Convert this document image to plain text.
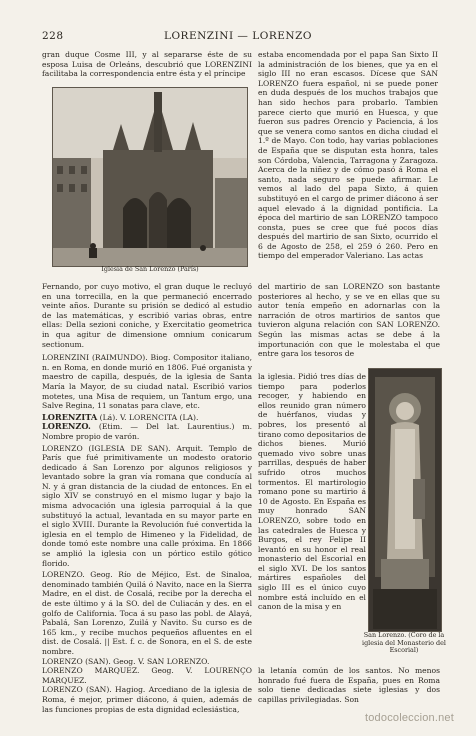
228	LORENZINI — LORENZO

gran duque Cosme III, y al separarse éste de su esposa Luisa de Orleáns, descubrió que LORENZINI facilitaba la correspondencia entre ésta y el príncipe

Iglesia de San Lorenzo (París)

Fernando, por cuyo motivo, el gran duque le recluyó en una torrecilla, en la que permaneció encerrado veinte años. Durante su prisión se dedicó al estudio de las matemáticas, y escribió varias obras, entre ellas: Della sezioni coniche, y Exercitatio geometrica in qua agitur de dimensione omnium conicarum sectionum.

LORENZINI (RAIMUNDO). Biog. Compositor italiano, n. en Roma, en donde murió en 1806. Fué organista y maestro de capilla, después, de la iglesia de Santa María la Mayor, de su ciudad natal. Escribió varios motetes, una Misa de requiem, un Tantum ergo, una Salve Regina, 11 sonatas para clave, etc.

LORENZITA (Lá). V. LORENCITA (LA).

LORENZO. (Etim. — Del lat. Laurentius.) m. Nombre propio de varón.

LORENZO (IGLESIA DE SAN). Arquit. Templo de París que fué primitivamente un modesto oratorio dedicado á San Lorenzo por algunos religiosos y levantado sobre la gran vía romana que conducía al N. y á gran distancia de la ciudad de entonces. En el siglo XIV se construyó en el mismo lugar y bajo la misma advocación una iglesia parroquial á la que substituyó la actual, levantada en su mayor parte en el siglo XVIII. Durante la Revolución fué convertida la iglesia en el templo de Himeneo y la Fidelidad, de donde tomó este nombre una calle próxima. En 1866 se amplió la iglesia con un pórtico estilo gótico florido.

LORENZO. Geog. Río de Méjico, Est. de Sinaloa, denominado también Quilá ó Navito, nace en la Sierra Madre, en el dist. de Cosalá, recibe por la derecha el de este último y á la SO. del de Culiacán y des. en el golfo de California. Toca á su paso las pobl. de Alayá, Pabalá, San Lorenzo, Zuilá y Navito. Su curso es de 165 km., y recibe muchos pequeños afluentes en el dist. de Cosalá. || Est. f. c. de Sonora, en el S. de este nombre.

LORENZO (SAN). Geog. V. SAN LORENZO.

LORENZO MARQUEZ. Geog. V. LOURENÇO MARQUEZ.

LORENZO (SAN). Hagiog. Arcediano de la iglesia de Roma, é mejor, primer diácono, á quien, además de las funciones propias de esta dignidad eclesiástica,

estaba encomendada por el papa San Sixto II la administración de los bienes, que ya en el siglo III no eran escasos. Dícese que SAN LORENZO fuera español, ni se puede poner en duda después de los muchos trabajos que han sido hechos para probarlo. Tambien parece cierto que murió en Huesca, y que fueron sus padres Orencio y Paciencia, á los que se venera como santos en dicha ciudad el 1.º de Mayo. Con todo, hay varias poblaciones de España que se disputan esta honra, tales son Córdoba, Valencia, Tarragona y Zaragoza. Acerca de la niñez y de cómo pasó á Roma el santo, nada seguro se puede afirmar. Le vemos al lado del papa Sixto, á quien substituyó en el cargo de primer diácono á ser aquel elevado á la dignidad pontificia. La época del martirio de san LORENZO tampoco consta, pues se cree que fué pocos días después del martirio de san Sixto, ocurrido el 6 de Agosto de 258, el 259 ó 260. Pero en tiempo del emperador Valeriano. Las actas

del martirio de san LORENZO son bastante posteriores al hecho, y se ve en ellas que su autor tenía empeño en adornarlas con la narración de otros martirios de santos que tuvieron alguna relación con SAN LORENZO. Según las mismas actas se debe á la importunación con que le molestaba el que entre gara los tesoros de

la iglesia. Pidió tres días de tiempo para poderlos recoger, y habiendo en ellos reunido gran número de huérfanos, viudas y pobres, los presentó al tirano como depositarios de dichos bienes. Murió quemado vivo sobre unas parrillas, después de haber sufrido otros muchos tormentos. El martirologio romano pone su martirio á 10 de Agosto. En España es muy honrado SAN LORENZO, sobre todo en las catedrales de Huesca y Burgos, el rey Felipe II levantó en su honor el real monasterio del Escorial en el siglo XVI. De los santos mártires españoles del siglo III es el único cuyo nombre está incluído en el canon de la misa y en

San Lorenzo. (Coro de la iglesia del Monasterio del Escorial)

la letanía común de los santos. No menos honrado fué fuera de España, pues en Roma solo tiene dedicadas siete iglesias y dos capillas privilegiadas. Son

todocoleccion.net
